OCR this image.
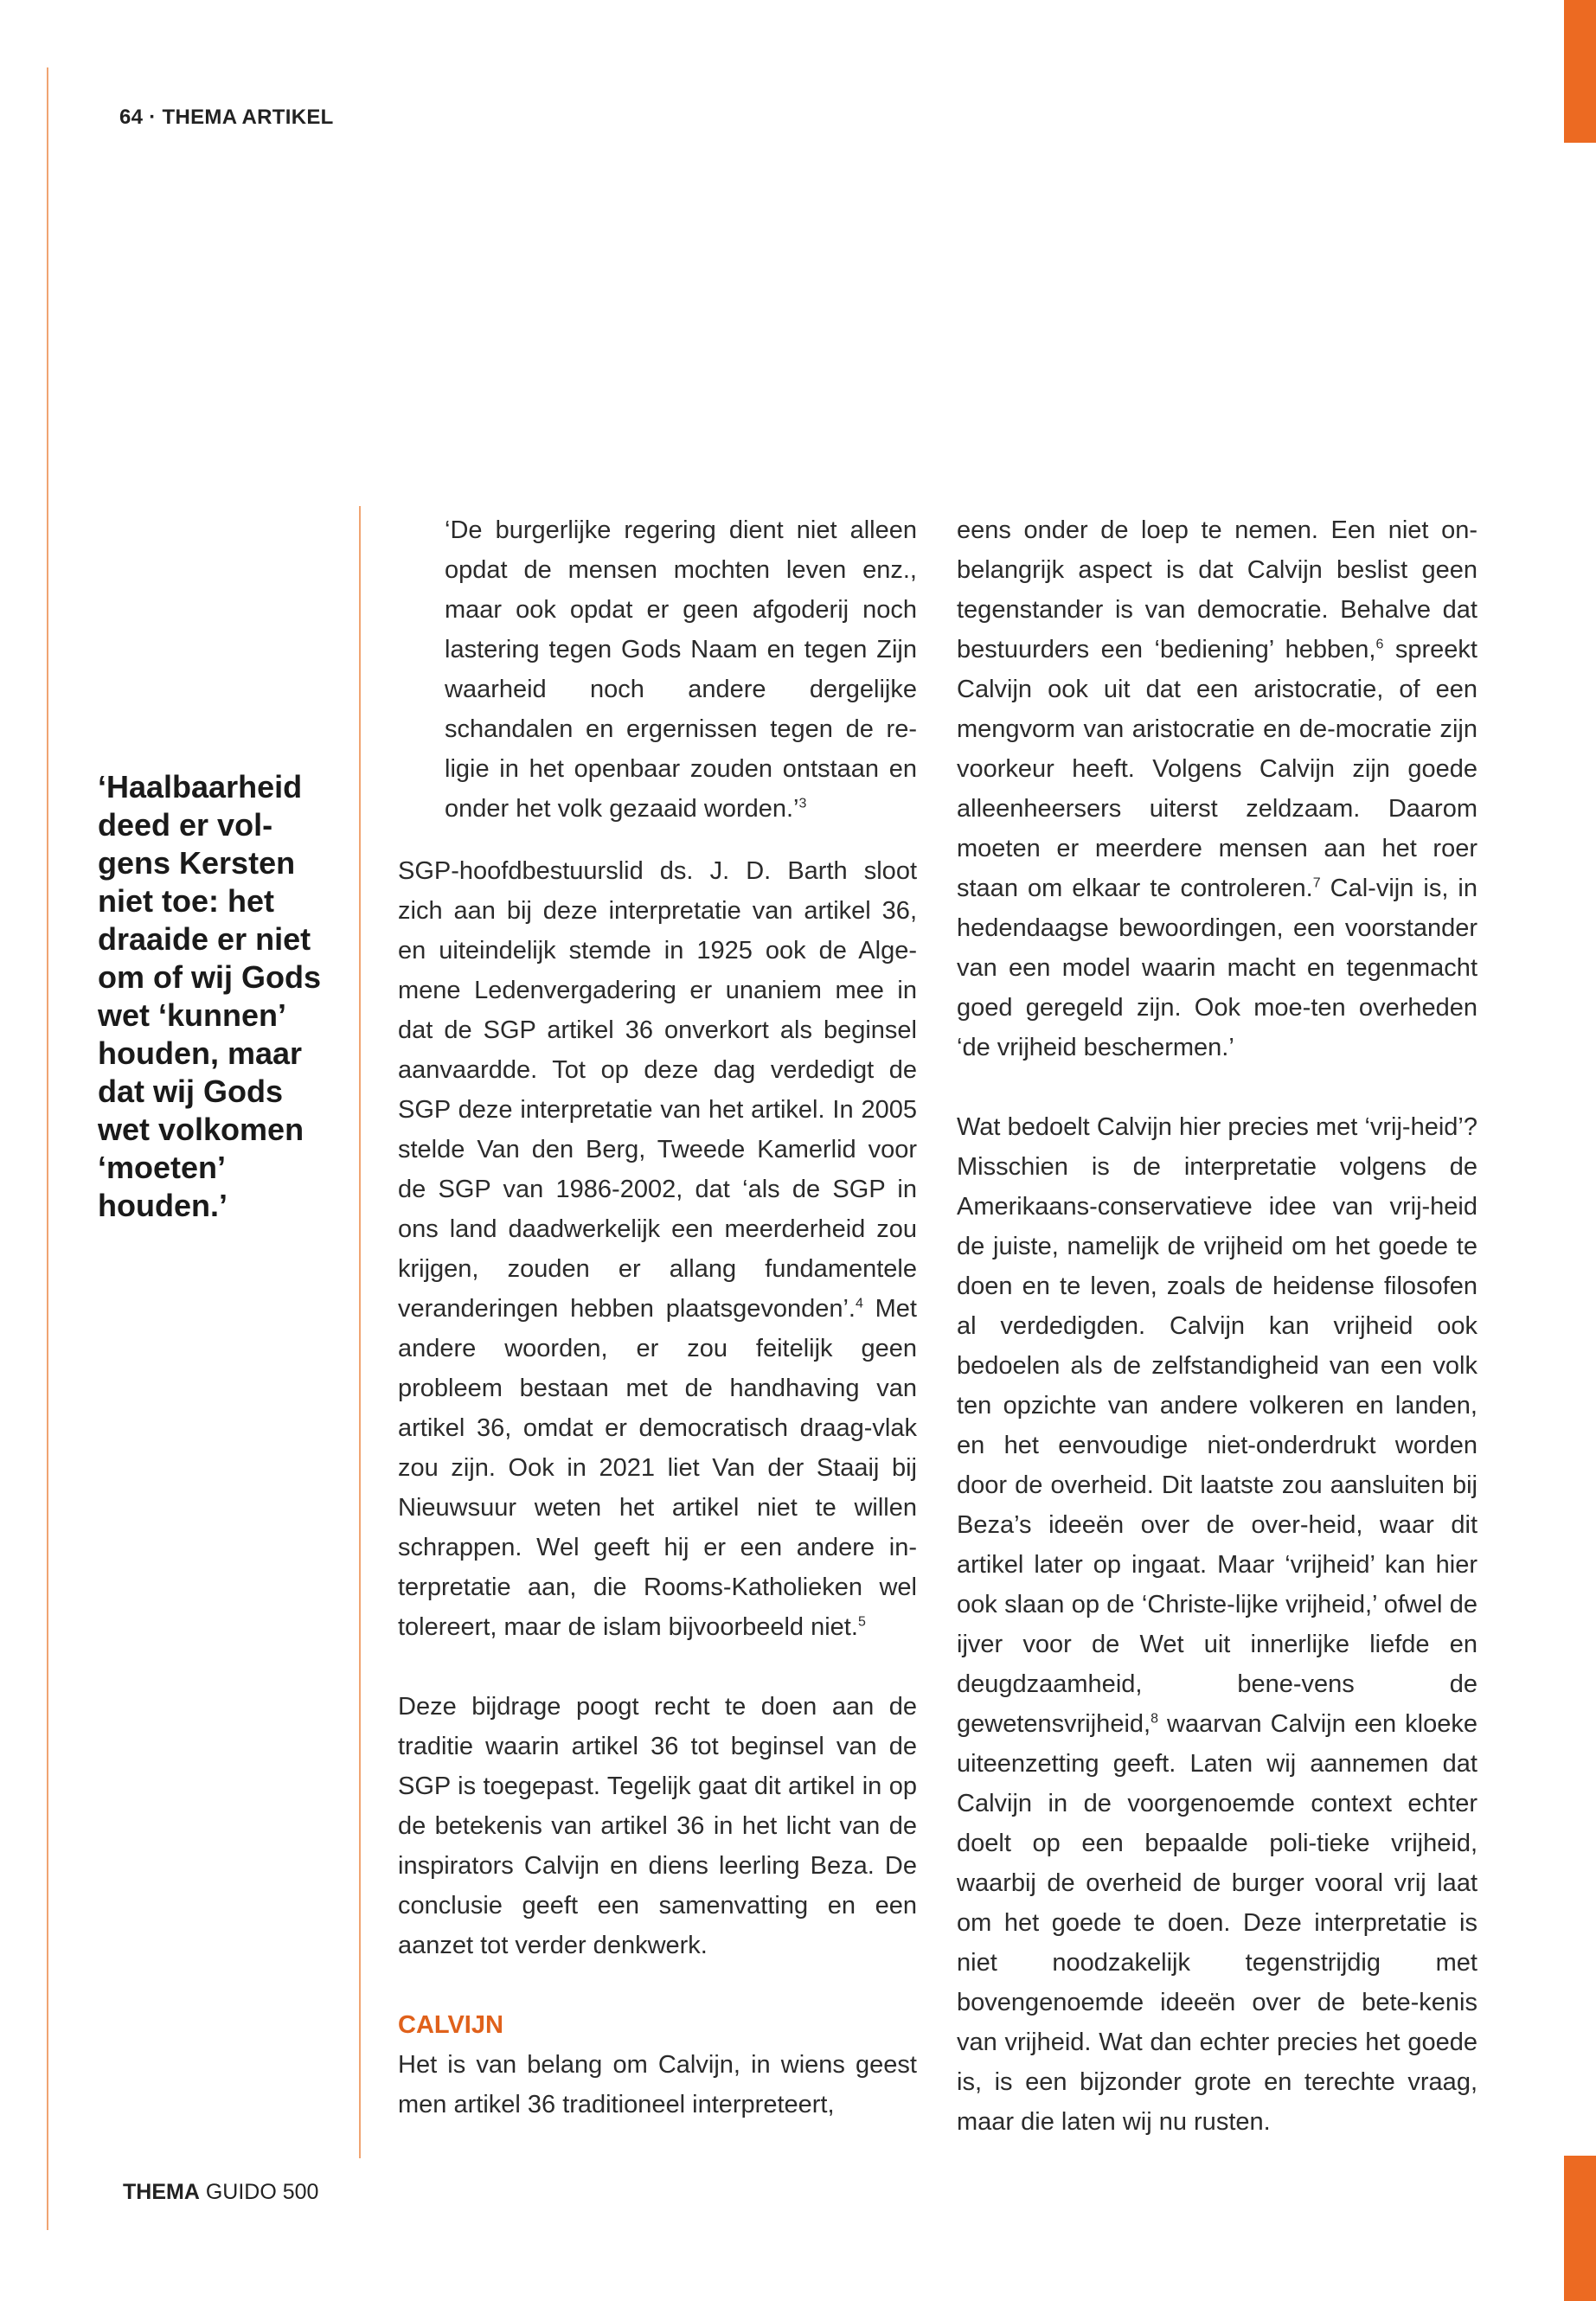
64 · THEMA ARTIKEL
‘Haalbaarheid deed er vol-gens Kersten niet toe: het draaide er niet om of wij Gods wet ‘kunnen’ houden, maar dat wij Gods wet volkomen ‘moeten’ houden.’

‘De burgerlijke regering dient niet alleen opdat de mensen mochten leven enz., maar ook opdat er geen afgoderij noch lastering tegen Gods Naam en tegen Zijn waarheid noch andere dergelijke schandalen en ergernissen tegen de re-ligie in het openbaar zouden ontstaan en onder het volk gezaaid worden.’$^3$

SGP-hoofdbestuurslid ds. J. D. Barth sloot zich aan bij deze interpretatie van artikel 36, en uiteindelijk stemde in 1925 ook de Alge-mene Ledenvergadering er unaniem mee in dat de SGP artikel 36 onverkort als beginsel aanvaardde. Tot op deze dag verdedigt de SGP deze interpretatie van het artikel. In 2005 stelde Van den Berg, Tweede Kamerlid voor de SGP van 1986-2002, dat ‘als de SGP in ons land daadwerkelijk een meerderheid zou krijgen, zouden er allang fundamentele veranderingen hebben plaatsgevonden’.$^4$ Met andere woorden, er zou feitelijk geen probleem bestaan met de handhaving van artikel 36, omdat er democratisch draag-vlak zou zijn. Ook in 2021 liet Van der Staaij bij Nieuwsuur weten het artikel niet te willen schrappen. Wel geeft hij er een andere in-terpretatie aan, die Rooms-Katholieken wel tolereert, maar de islam bijvoorbeeld niet.$^5$

Deze bijdrage poogt recht te doen aan de traditie waarin artikel 36 tot beginsel van de SGP is toegepast. Tegelijk gaat dit artikel in op de betekenis van artikel 36 in het licht van de inspirators Calvijn en diens leerling Beza. De conclusie geeft een samenvatting en een aanzet tot verder denkwerk.

CALVIJN

Het is van belang om Calvijn, in wiens geest men artikel 36 traditioneel interpreteert,

eens onder de loep te nemen. Een niet on-belangrijk aspect is dat Calvijn beslist geen tegenstander is van democratie. Behalve dat bestuurders een ‘bediening’ hebben,$^6$ spreekt Calvijn ook uit dat een aristocratie, of een mengvorm van aristocratie en de-mocratie zijn voorkeur heeft. Volgens Calvijn zijn goede alleenheersers uiterst zeldzaam. Daarom moeten er meerdere mensen aan het roer staan om elkaar te controleren.$^7$ Cal-vijn is, in hedendaagse bewoordingen, een voorstander van een model waarin macht en tegenmacht goed geregeld zijn. Ook moe-ten overheden ‘de vrijheid beschermen.’

Wat bedoelt Calvijn hier precies met ‘vrij-heid’? Misschien is de interpretatie volgens de Amerikaans-conservatieve idee van vrij-heid de juiste, namelijk de vrijheid om het goede te doen en te leven, zoals de heidense filosofen al verdedigden. Calvijn kan vrijheid ook bedoelen als de zelfstandigheid van een volk ten opzichte van andere volkeren en landen, en het eenvoudige niet-onderdrukt worden door de overheid. Dit laatste zou aansluiten bij Beza’s ideeën over de over-heid, waar dit artikel later op ingaat. Maar ‘vrijheid’ kan hier ook slaan op de ‘Christe-lijke vrijheid,’ ofwel de ijver voor de Wet uit innerlijke liefde en deugdzaamheid, bene-vens de gewetensvrijheid,$^8$ waarvan Calvijn een kloeke uiteenzetting geeft. Laten wij aannemen dat Calvijn in de voorgenoemde context echter doelt op een bepaalde poli-tieke vrijheid, waarbij de overheid de burger vooral vrij laat om het goede te doen. Deze interpretatie is niet noodzakelijk tegenstrijdig met bovengenoemde ideeën over de bete-kenis van vrijheid. Wat dan echter precies het goede is, is een bijzonder grote en terechte vraag, maar die laten wij nu rusten.

THEMA GUIDO 500
